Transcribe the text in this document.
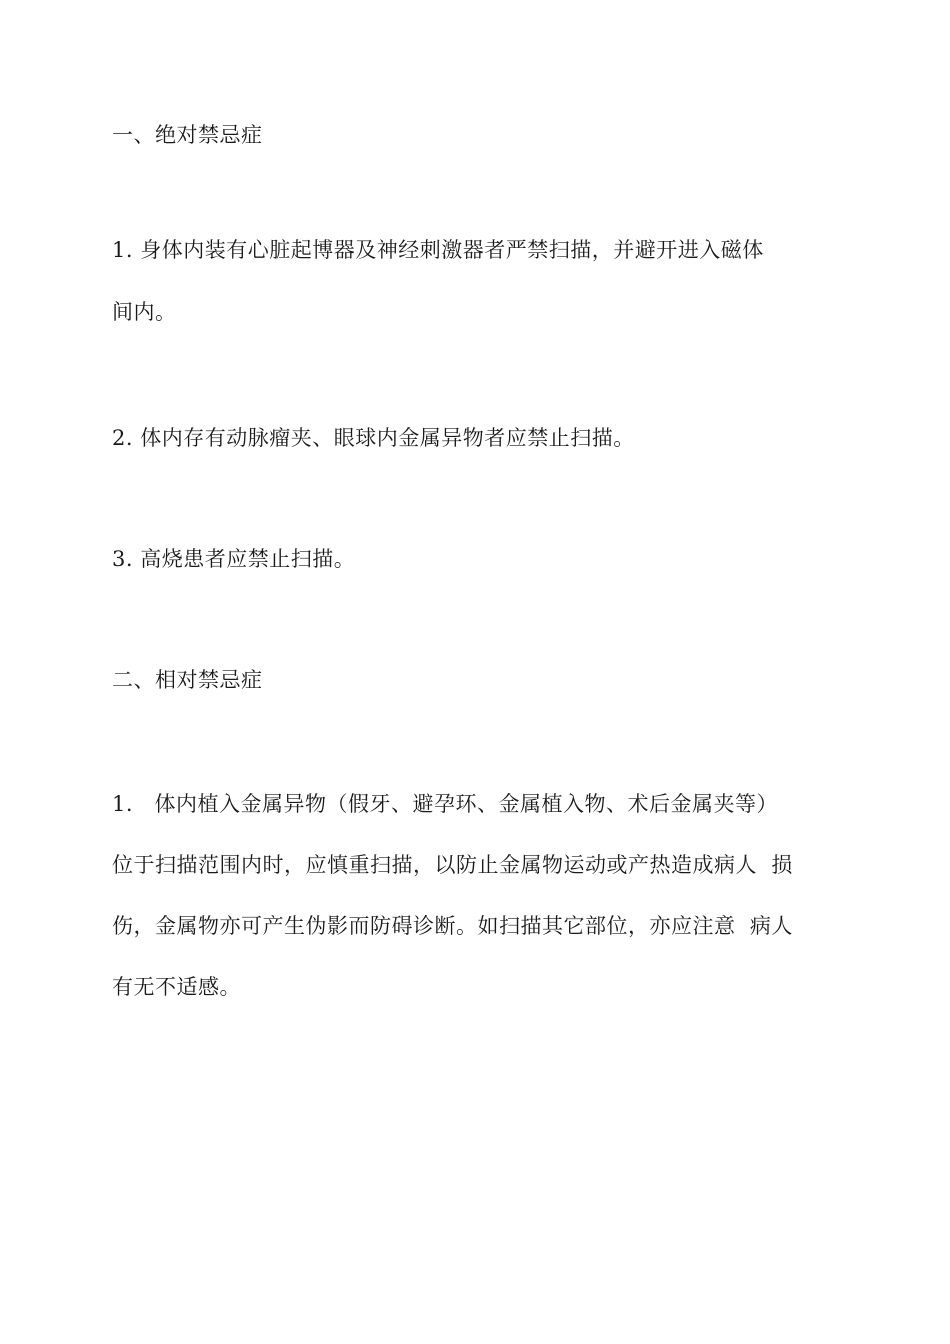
一、绝对禁忌症
1. 身体内装有心脏起博器及神经刺激器者严禁扫描，并避开进入磁体
间内。
2. 体内存有动脉瘤夹、眼球内金属异物者应禁止扫描。
3. 高烧患者应禁止扫描。
二、相对禁忌症
1.   体内植入金属异物（假牙、避孕环、金属植入物、术后金属夹等）
位于扫描范围内时，应慎重扫描，以防止金属物运动或产热造成病人  损
伤，金属物亦可产生伪影而防碍诊断。如扫描其它部位，亦应注意  病人
有无不适感。
